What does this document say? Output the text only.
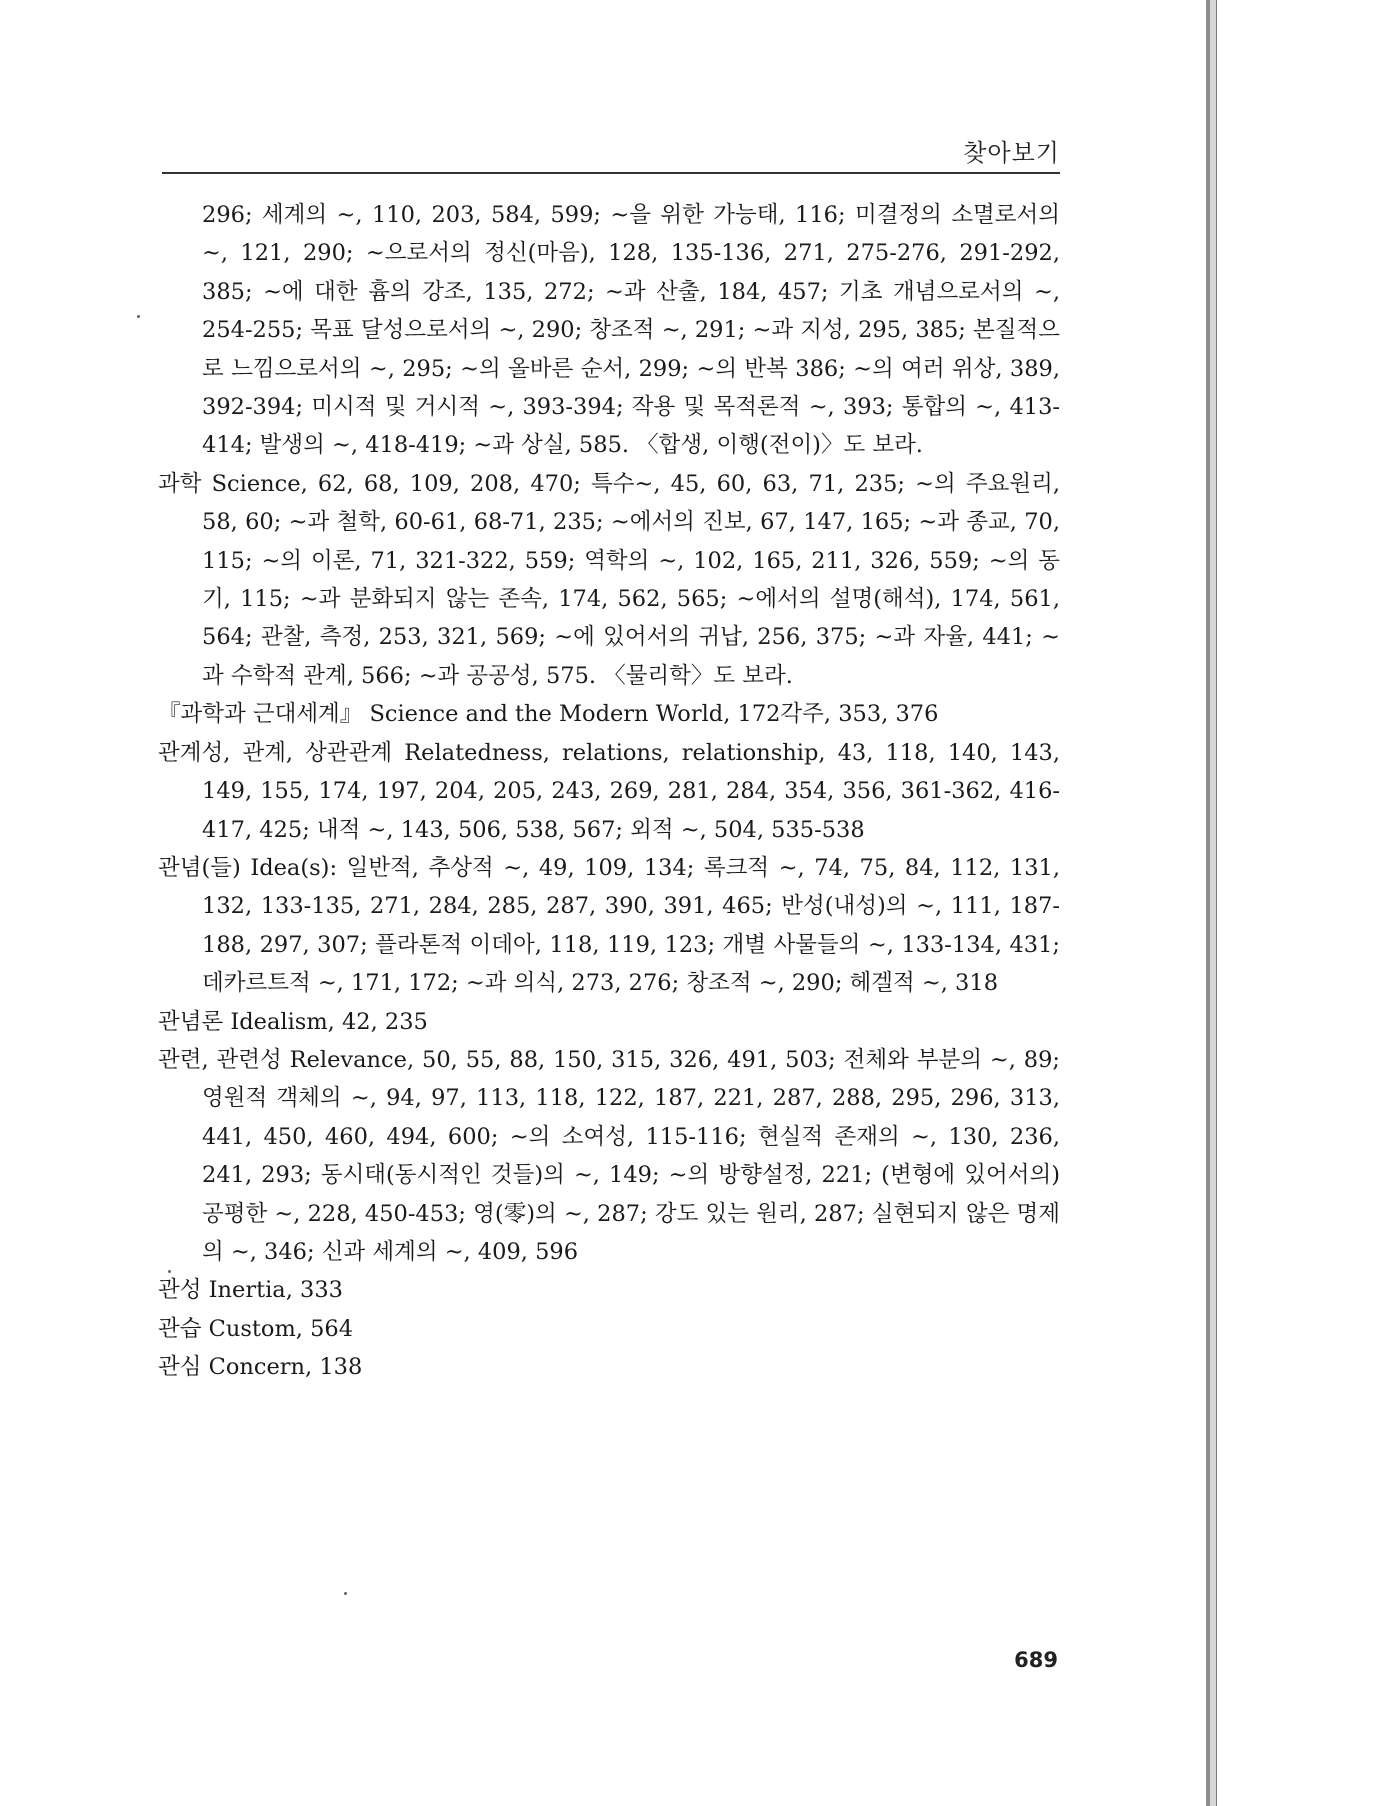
찾아보기

296; 세계의 ~, 110, 203, 584, 599; ~을 위한 가능태, 116; 미결정의 소멸로서의 ~, 121, 290; ~으로서의 정신(마음), 128, 135-136, 271, 275-276, 291-292, 385; ~에 대한 흄의 강조, 135, 272; ~과 산출, 184, 457; 기초 개념으로서의 ~, 254-255; 목표 달성으로서의 ~, 290; 창조적 ~, 291; ~과 지성, 295, 385; 본질적으로 느낌으로서의 ~, 295; ~의 올바른 순서, 299; ~의 반복 386; ~의 여러 위상, 389, 392-394; 미시적 및 거시적 ~, 393-394; 작용 및 목적론적 ~, 393; 통합의 ~, 413-414; 발생의 ~, 418-419; ~과 상실, 585. 〈합생, 이행(전이)〉도 보라.

과학 Science, 62, 68, 109, 208, 470; 특수~, 45, 60, 63, 71, 235; ~의 주요원리, 58, 60; ~과 철학, 60-61, 68-71, 235; ~에서의 진보, 67, 147, 165; ~과 종교, 70, 115; ~의 이론, 71, 321-322, 559; 역학의 ~, 102, 165, 211, 326, 559; ~의 동기, 115; ~과 분화되지 않는 존속, 174, 562, 565; ~에서의 설명(해석), 174, 561, 564; 관찰, 측정, 253, 321, 569; ~에 있어서의 귀납, 256, 375; ~과 자율, 441; ~과 수학적 관계, 566; ~과 공공성, 575. 〈물리학〉도 보라.

『과학과 근대세계』 Science and the Modern World, 172각주, 353, 376

관계성, 관계, 상관관계 Relatedness, relations, relationship, 43, 118, 140, 143, 149, 155, 174, 197, 204, 205, 243, 269, 281, 284, 354, 356, 361-362, 416-417, 425; 내적 ~, 143, 506, 538, 567; 외적 ~, 504, 535-538

관념(들) Idea(s): 일반적, 추상적 ~, 49, 109, 134; 록크적 ~, 74, 75, 84, 112, 131, 132, 133-135, 271, 284, 285, 287, 390, 391, 465; 반성(내성)의 ~, 111, 187-188, 297, 307; 플라톤적 이데아, 118, 119, 123; 개별 사물들의 ~, 133-134, 431; 데카르트적 ~, 171, 172; ~과 의식, 273, 276; 창조적 ~, 290; 헤겔적 ~, 318

관념론 Idealism, 42, 235

관련, 관련성 Relevance, 50, 55, 88, 150, 315, 326, 491, 503; 전체와 부분의 ~, 89; 영원적 객체의 ~, 94, 97, 113, 118, 122, 187, 221, 287, 288, 295, 296, 313, 441, 450, 460, 494, 600; ~의 소여성, 115-116; 현실적 존재의 ~, 130, 236, 241, 293; 동시태(동시적인 것들)의 ~, 149; ~의 방향설정, 221; (변형에 있어서의) 공평한 ~, 228, 450-453; 영(零)의 ~, 287; 강도 있는 원리, 287; 실현되지 않은 명제의 ~, 346; 신과 세계의 ~, 409, 596

관성 Inertia, 333

관습 Custom, 564

관심 Concern, 138

689
